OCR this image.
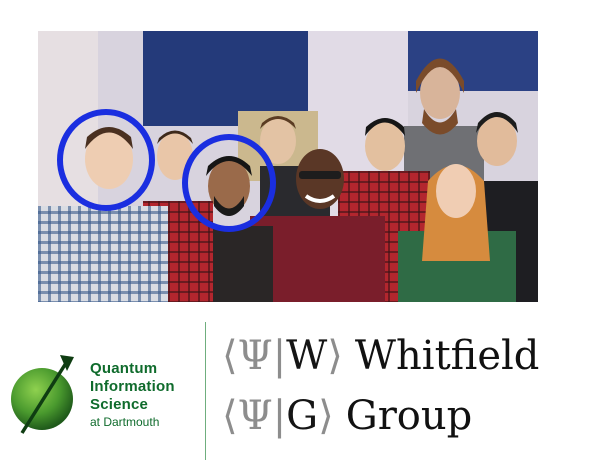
Quantum
Information
Science
at Dartmouth
⟨Ψ|W⟩ Whitfield
⟨Ψ|G⟩ Group
